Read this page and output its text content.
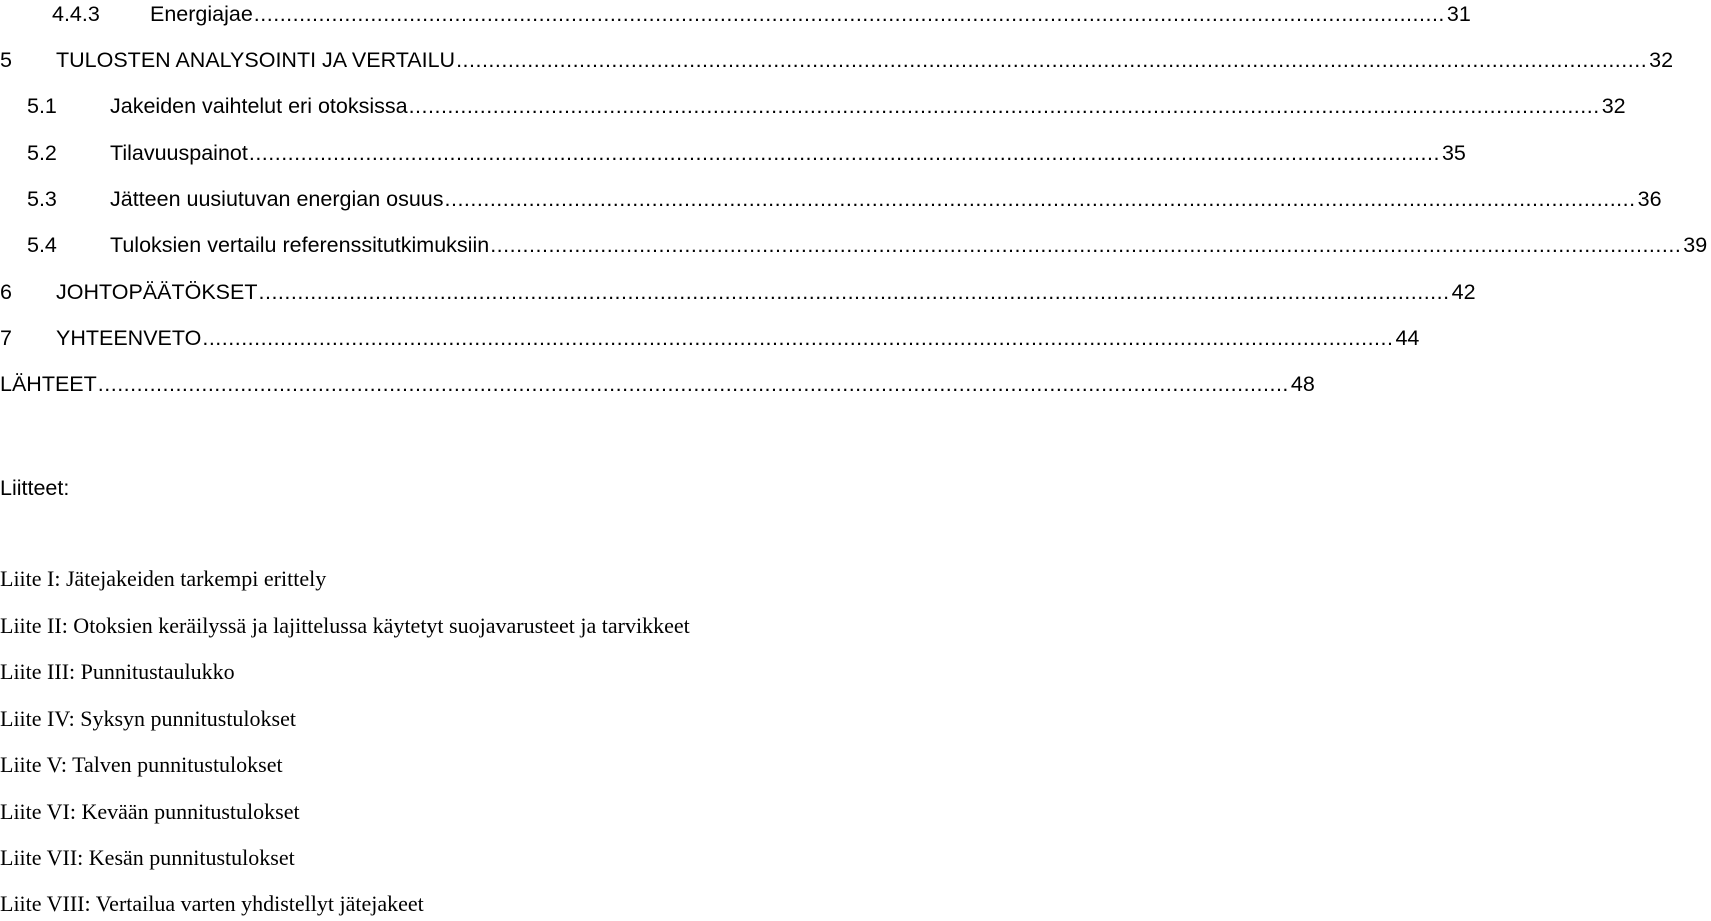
4.4.3	Energiajae ........................................................................................................................................................................................ 31
5	TULOSTEN ANALYSOINTI JA VERTAILU ........................................................................................................................................................................................ 32
5.1	Jakeiden vaihtelut eri otoksissa ........................................................................................................................................................................................ 32
5.2	Tilavuuspainot ........................................................................................................................................................................................ 35
5.3	Jätteen uusiutuvan energian osuus ........................................................................................................................................................................................ 36
5.4	Tuloksien vertailu referenssitutkimuksiin ........................................................................................................................................................................................ 39
6	JOHTOPÄÄTÖKSET ........................................................................................................................................................................................ 42
7	YHTEENVETO ........................................................................................................................................................................................ 44
LÄHTEET ........................................................................................................................................................................................ 48
Liitteet:
Liite I: Jätejakeiden tarkempi erittely
Liite II: Otoksien keräilyssä ja lajittelussa käytetyt suojavarusteet ja tarvikkeet
Liite III: Punnitustaulukko
Liite IV: Syksyn punnitustulokset
Liite V: Talven punnitustulokset
Liite VI: Kevään punnitustulokset
Liite VII: Kesän punnitustulokset
Liite VIII: Vertailua varten yhdistellyt jätejakeet
